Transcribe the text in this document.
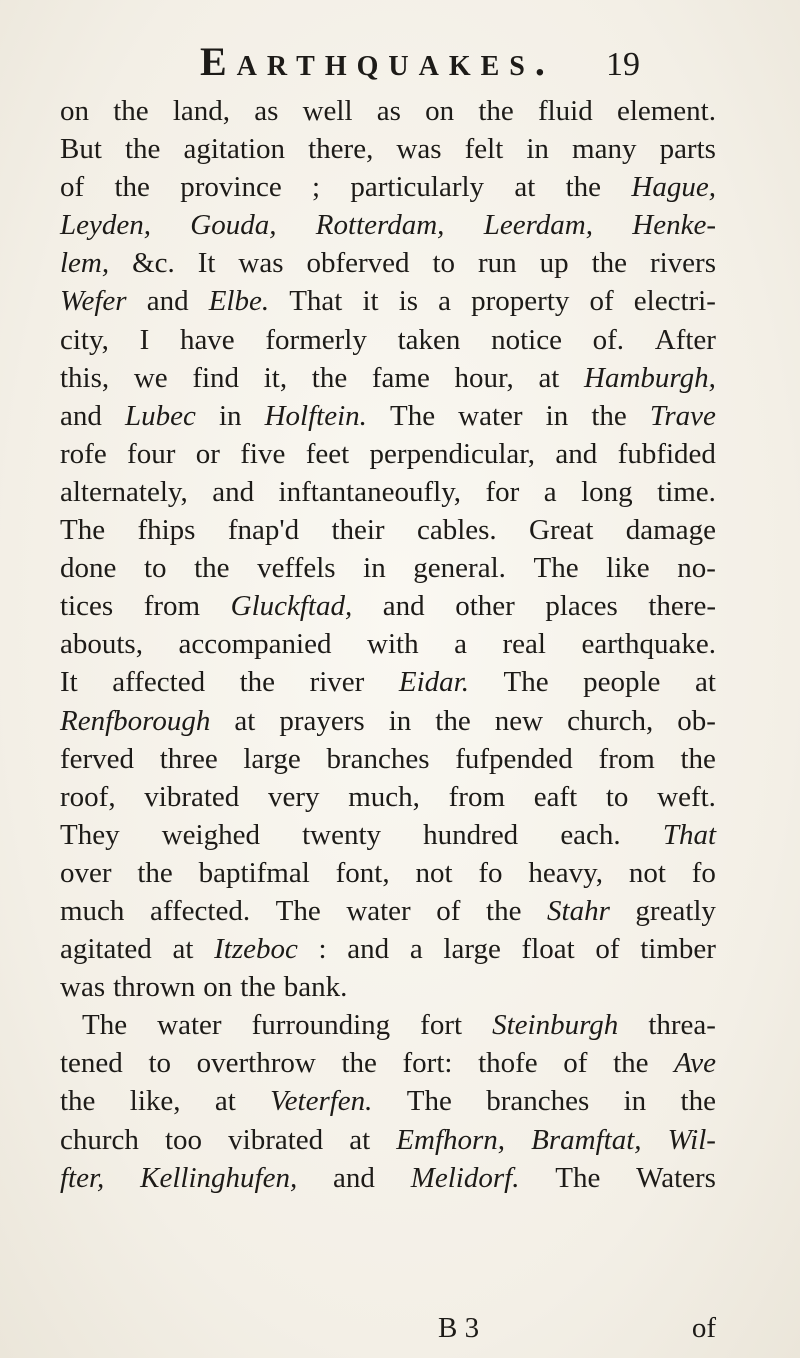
Earthquakes. 19
on the land, as well as on the fluid element.
But the agitation there, was felt in many parts
of the province ; particularly at the Hague,
Leyden, Gouda, Rotterdam, Leerdam, Henke-
lem, &c. It was obferved to run up the rivers
Wefer and Elbe. That it is a property of electri-
city, I have formerly taken notice of. After
this, we find it, the fame hour, at Hamburgh,
and Lubec in Holftein. The water in the Trave
rofe four or five feet perpendicular, and fubfided
alternately, and inftantaneoufly, for a long time.
The fhips fnap'd their cables. Great damage
done to the veffels in general. The like no-
tices from Gluckftad, and other places there-
abouts, accompanied with a real earthquake.
It affected the river Eidar. The people at
Renfborough at prayers in the new church, ob-
ferved three large branches fufpended from the
roof, vibrated very much, from eaft to weft.
They weighed twenty hundred each. That
over the baptifmal font, not fo heavy, not fo
much affected. The water of the Stahr greatly
agitated at Itzeboc : and a large float of timber
was thrown on the bank.
The water furrounding fort Steinburgh threa-
tened to overthrow the fort: thofe of the Ave
the like, at Veterfen. The branches in the
church too vibrated at Emfhorn, Bramftat, Wil-
fter, Kellinghufen, and Melidorf. The Waters
B 3	of
